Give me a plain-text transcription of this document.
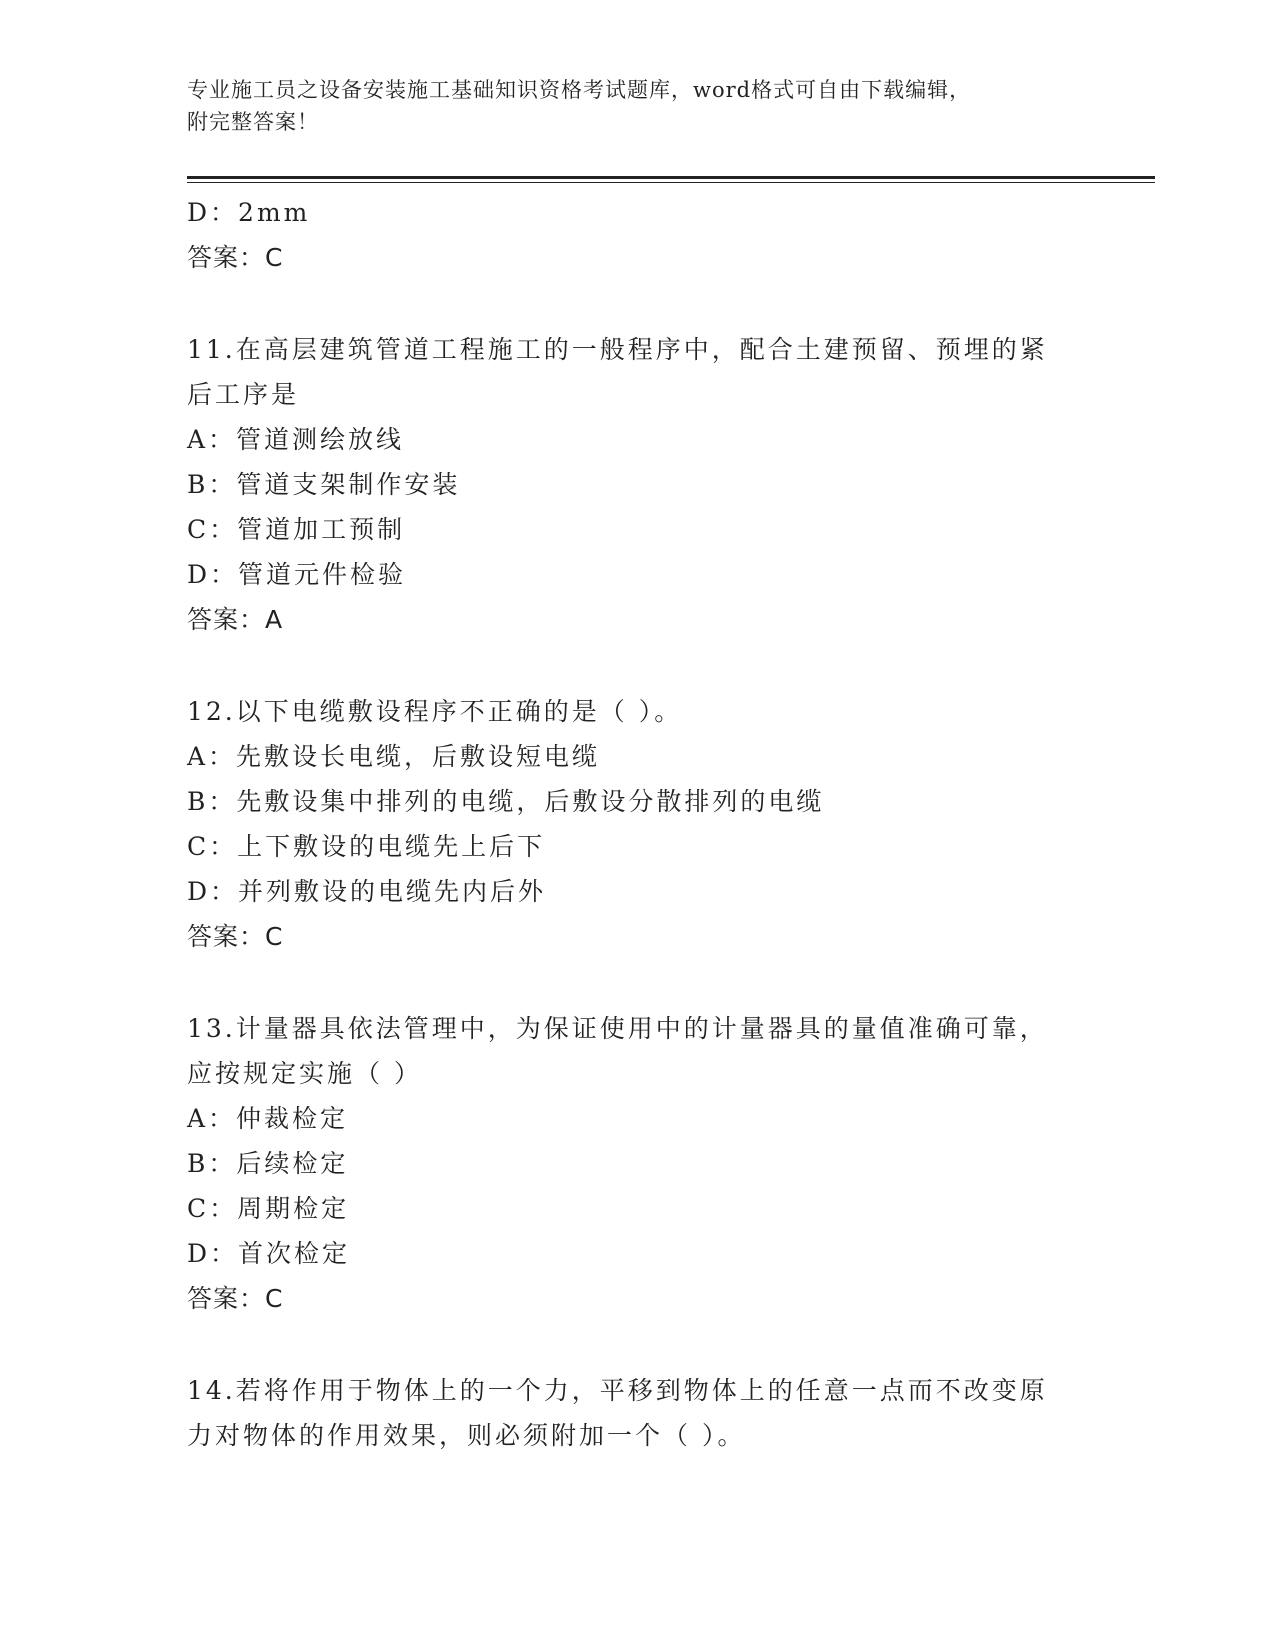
专业施工员之设备安装施工基础知识资格考试题库，word格式可自由下载编辑，
附完整答案！
D：2mm
答案：C
11.在高层建筑管道工程施工的一般程序中，配合土建预留、预埋的紧
后工序是
A：管道测绘放线
B：管道支架制作安装
C：管道加工预制
D：管道元件检验
答案：A
12.以下电缆敷设程序不正确的是（ ）。
A：先敷设长电缆，后敷设短电缆
B：先敷设集中排列的电缆，后敷设分散排列的电缆
C：上下敷设的电缆先上后下
D：并列敷设的电缆先内后外
答案：C
13.计量器具依法管理中，为保证使用中的计量器具的量值准确可靠，
应按规定实施（ ）
A：仲裁检定
B：后续检定
C：周期检定
D：首次检定
答案：C
14.若将作用于物体上的一个力，平移到物体上的任意一点而不改变原
力对物体的作用效果，则必须附加一个（ ）。
